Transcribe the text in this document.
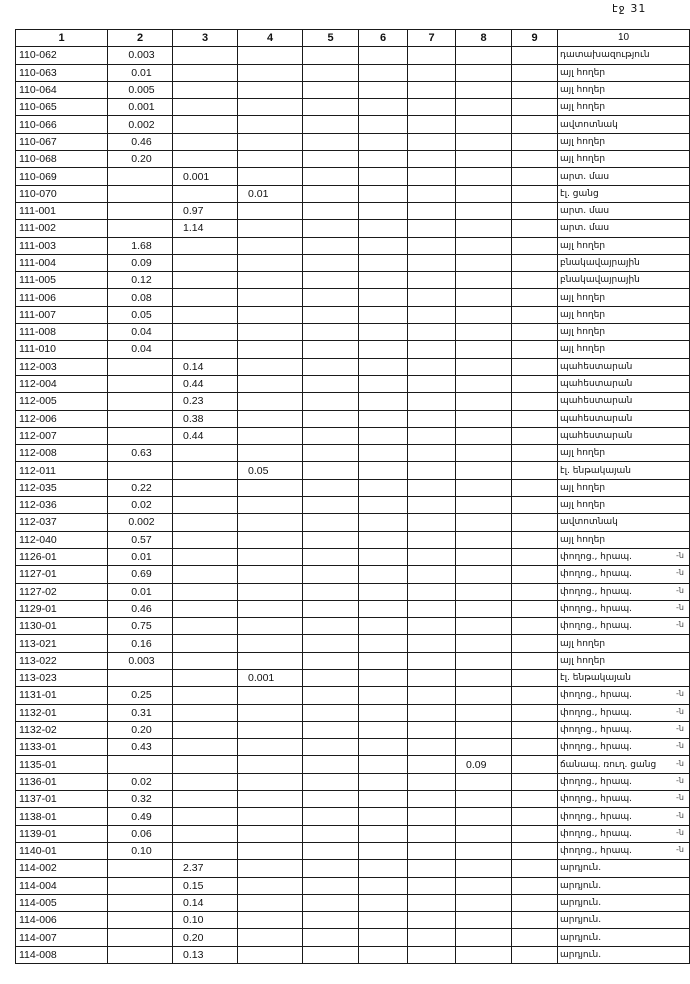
էջ 31
1	2	3	4	5	6	7	8	9	10
110-062	0.003								դատախազություն
110-063	0.01								այլ հողեր
110-064	0.005								այլ հողեր
110-065	0.001								այլ հողեր
110-066	0.002								ավտոտնակ
110-067	0.46								այլ հողեր
110-068	0.20								այլ հողեր
110-069		0.001							արտ. մաս
110-070			0.01						էլ. ցանց
111-001		0.97							արտ. մաս
111-002		1.14							արտ. մաս
111-003	1.68								այլ հողեր
111-004	0.09								բնակավայրային
111-005	0.12								բնակավայրային
111-006	0.08								այլ հողեր
111-007	0.05								այլ հողեր
111-008	0.04								այլ հողեր
111-010	0.04								այլ հողեր
112-003		0.14							պահեստարան
112-004		0.44							պահեստարան
112-005		0.23							պահեստարան
112-006		0.38							պահեստարան
112-007		0.44							պահեստարան
112-008	0.63								այլ հողեր
112-011			0.05						էլ. ենթակայան
112-035	0.22								այլ հողեր
112-036	0.02								այլ հողեր
112-037	0.002								ավտոտնակ
112-040	0.57								այլ հողեր
1126-01	0.01								փողոց., հրապ.
1127-01	0.69								փողոց., հրապ.
1127-02	0.01								փողոց., հրապ.
1129-01	0.46								փողոց., հրապ.
1130-01	0.75								փողոց., հրապ.
113-021	0.16								այլ հողեր
113-022	0.003								այլ հողեր
113-023			0.001						էլ. ենթակայան
1131-01	0.25								փողոց., հրապ.
1132-01	0.31								փողոց., հրապ.
1132-02	0.20								փողոց., հրապ.
1133-01	0.43								փողոց., հրապ.
1135-01							0.09		ճանապ. ռուղ. ցանց
1136-01	0.02								փողոց., հրապ.
1137-01	0.32								փողոց., հրապ.
1138-01	0.49								փողոց., հրապ.
1139-01	0.06								փողոց., հրապ.
1140-01	0.10								փողոց., հրապ.
114-002		2.37							արդյուն.
114-004		0.15							արդյուն.
114-005		0.14							արդյուն.
114-006		0.10							արդյուն.
114-007		0.20							արդյուն.
114-008		0.13							արդյուն.
-ն
-ն
-ն
-ն
-ն
-ն
-ն
-ն
-ն
-ն
-ն
-ն
-ն
-ն
-ն
